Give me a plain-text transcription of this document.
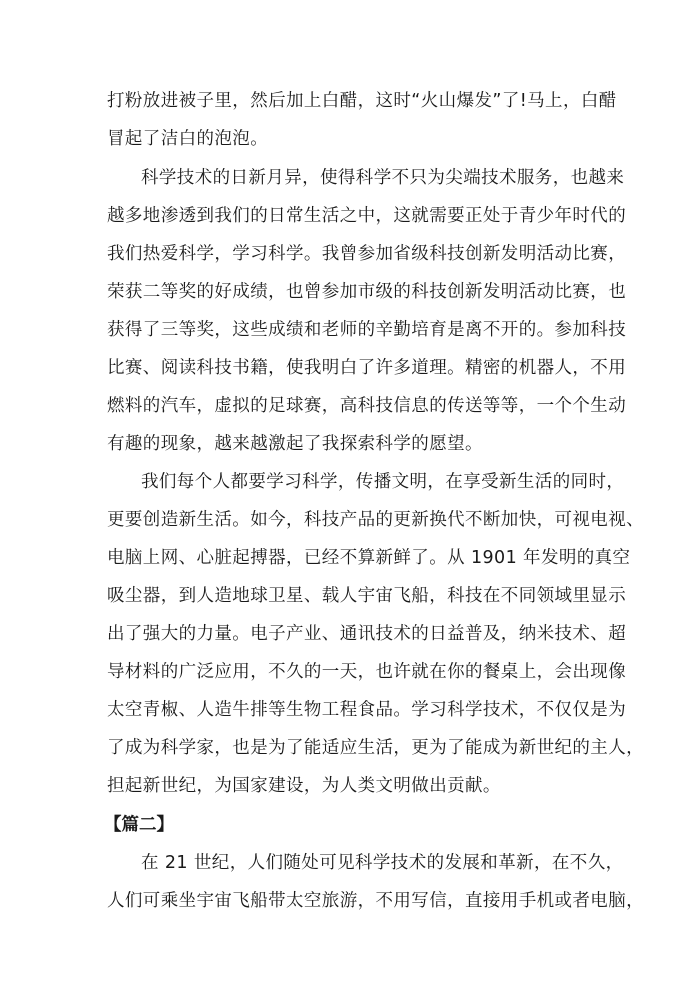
打粉放进被子里，然后加上白醋，这时“火山爆发”了!马上，白醋
冒起了洁白的泡泡。
科学技术的日新月异，使得科学不只为尖端技术服务，也越来
越多地渗透到我们的日常生活之中，这就需要正处于青少年时代的
我们热爱科学，学习科学。我曾参加省级科技创新发明活动比赛，
荣获二等奖的好成绩，也曾参加市级的科技创新发明活动比赛，也
获得了三等奖，这些成绩和老师的辛勤培育是离不开的。参加科技
比赛、阅读科技书籍，使我明白了许多道理。精密的机器人，不用
燃料的汽车，虚拟的足球赛，高科技信息的传送等等，一个个生动
有趣的现象，越来越激起了我探索科学的愿望。
我们每个人都要学习科学，传播文明，在享受新生活的同时，
更要创造新生活。如今，科技产品的更新换代不断加快，可视电视、
电脑上网、心脏起搏器，已经不算新鲜了。从 1901 年发明的真空
吸尘器，到人造地球卫星、载人宇宙飞船，科技在不同领域里显示
出了强大的力量。电子产业、通讯技术的日益普及，纳米技术、超
导材料的广泛应用，不久的一天，也许就在你的餐桌上，会出现像
太空青椒、人造牛排等生物工程食品。学习科学技术，不仅仅是为
了成为科学家，也是为了能适应生活，更为了能成为新世纪的主人，
担起新世纪，为国家建设，为人类文明做出贡献。
【篇二】
在 21 世纪，人们随处可见科学技术的发展和革新，在不久，
人们可乘坐宇宙飞船带太空旅游，不用写信，直接用手机或者电脑，
